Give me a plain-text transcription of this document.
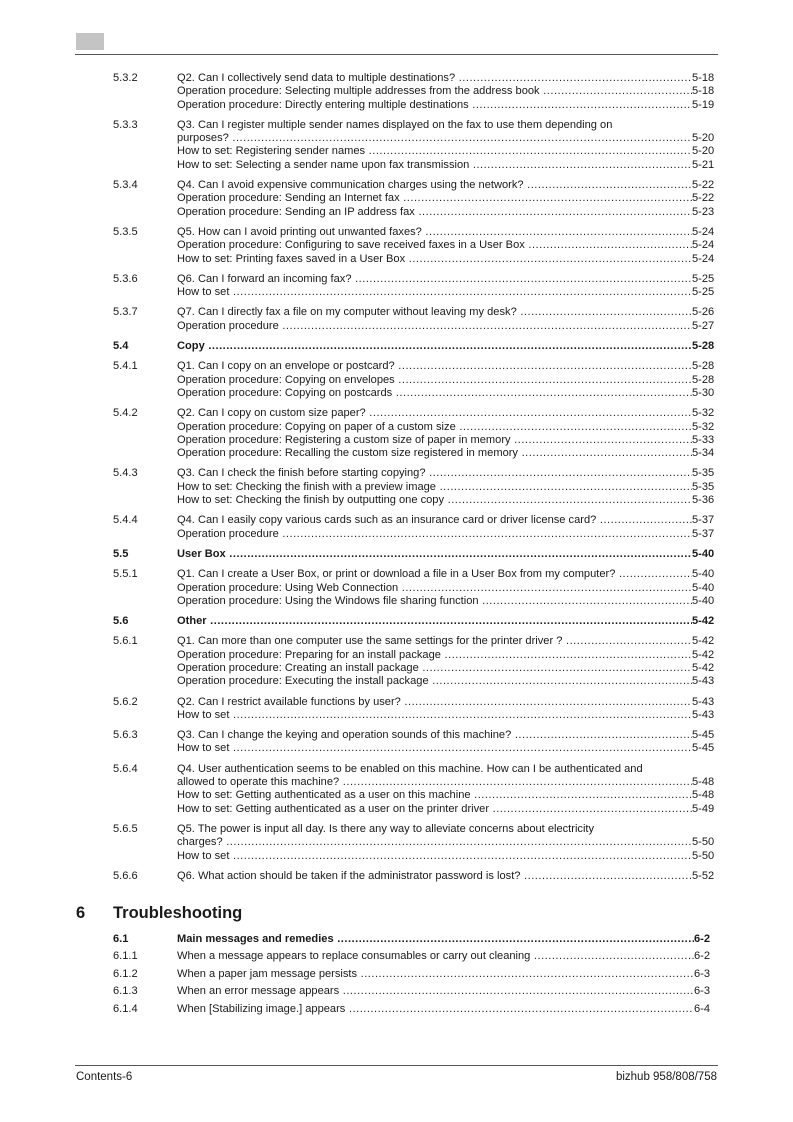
5.3.2	Q2. Can I collectively send data to multiple destinations? .....	5-18
Operation procedure: Selecting multiple addresses from the address book .....	5-18
Operation procedure: Directly entering multiple destinations .....	5-19
5.3.3	Q3. Can I register multiple sender names displayed on the fax to use them depending on
purposes? .....	5-20
How to set: Registering sender names .....	5-20
How to set: Selecting a sender name upon fax transmission .....	5-21
5.3.4	Q4. Can I avoid expensive communication charges using the network? .....	5-22
Operation procedure: Sending an Internet fax .....	5-22
Operation procedure: Sending an IP address fax .....	5-23
5.3.5	Q5. How can I avoid printing out unwanted faxes? .....	5-24
Operation procedure: Configuring to save received faxes in a User Box .....	5-24
How to set: Printing faxes saved in a User Box .....	5-24
5.3.6	Q6. Can I forward an incoming fax? .....	5-25
How to set .....	5-25
5.3.7	Q7. Can I directly fax a file on my computer without leaving my desk? .....	5-26
Operation procedure .....	5-27
5.4	Copy .....	5-28
5.4.1	Q1. Can I copy on an envelope or postcard? .....	5-28
Operation procedure: Copying on envelopes .....	5-28
Operation procedure: Copying on postcards .....	5-30
5.4.2	Q2. Can I copy on custom size paper? .....	5-32
Operation procedure: Copying on paper of a custom size .....	5-32
Operation procedure: Registering a custom size of paper in memory .....	5-33
Operation procedure: Recalling the custom size registered in memory .....	5-34
5.4.3	Q3. Can I check the finish before starting copying? .....	5-35
How to set: Checking the finish with a preview image .....	5-35
How to set: Checking the finish by outputting one copy .....	5-36
5.4.4	Q4. Can I easily copy various cards such as an insurance card or driver license card? .....	5-37
Operation procedure .....	5-37
5.5	User Box .....	5-40
5.5.1	Q1. Can I create a User Box, or print or download a file in a User Box from my computer? .....	5-40
Operation procedure: Using Web Connection .....	5-40
Operation procedure: Using the Windows file sharing function .....	5-40
5.6	Other .....	5-42
5.6.1	Q1. Can more than one computer use the same settings for the printer driver ? .....	5-42
Operation procedure: Preparing for an install package .....	5-42
Operation procedure: Creating an install package .....	5-42
Operation procedure: Executing the install package .....	5-43
5.6.2	Q2. Can I restrict available functions by user? .....	5-43
How to set .....	5-43
5.6.3	Q3. Can I change the keying and operation sounds of this machine? .....	5-45
How to set .....	5-45
5.6.4	Q4. User authentication seems to be enabled on this machine. How can I be authenticated and
allowed to operate this machine? .....	5-48
How to set: Getting authenticated as a user on this machine .....	5-48
How to set: Getting authenticated as a user on the printer driver .....	5-49
5.6.5	Q5. The power is input all day. Is there any way to alleviate concerns about electricity
charges? .....	5-50
How to set .....	5-50
5.6.6	Q6. What action should be taken if the administrator password is lost? .....	5-52
6 Troubleshooting
6.1	Main messages and remedies .....	6-2
6.1.1	When a message appears to replace consumables or carry out cleaning .....	6-2
6.1.2	When a paper jam message persists .....	6-3
6.1.3	When an error message appears .....	6-3
6.1.4	When [Stabilizing image.] appears .....	6-4
Contents-6	bizhub 958/808/758
